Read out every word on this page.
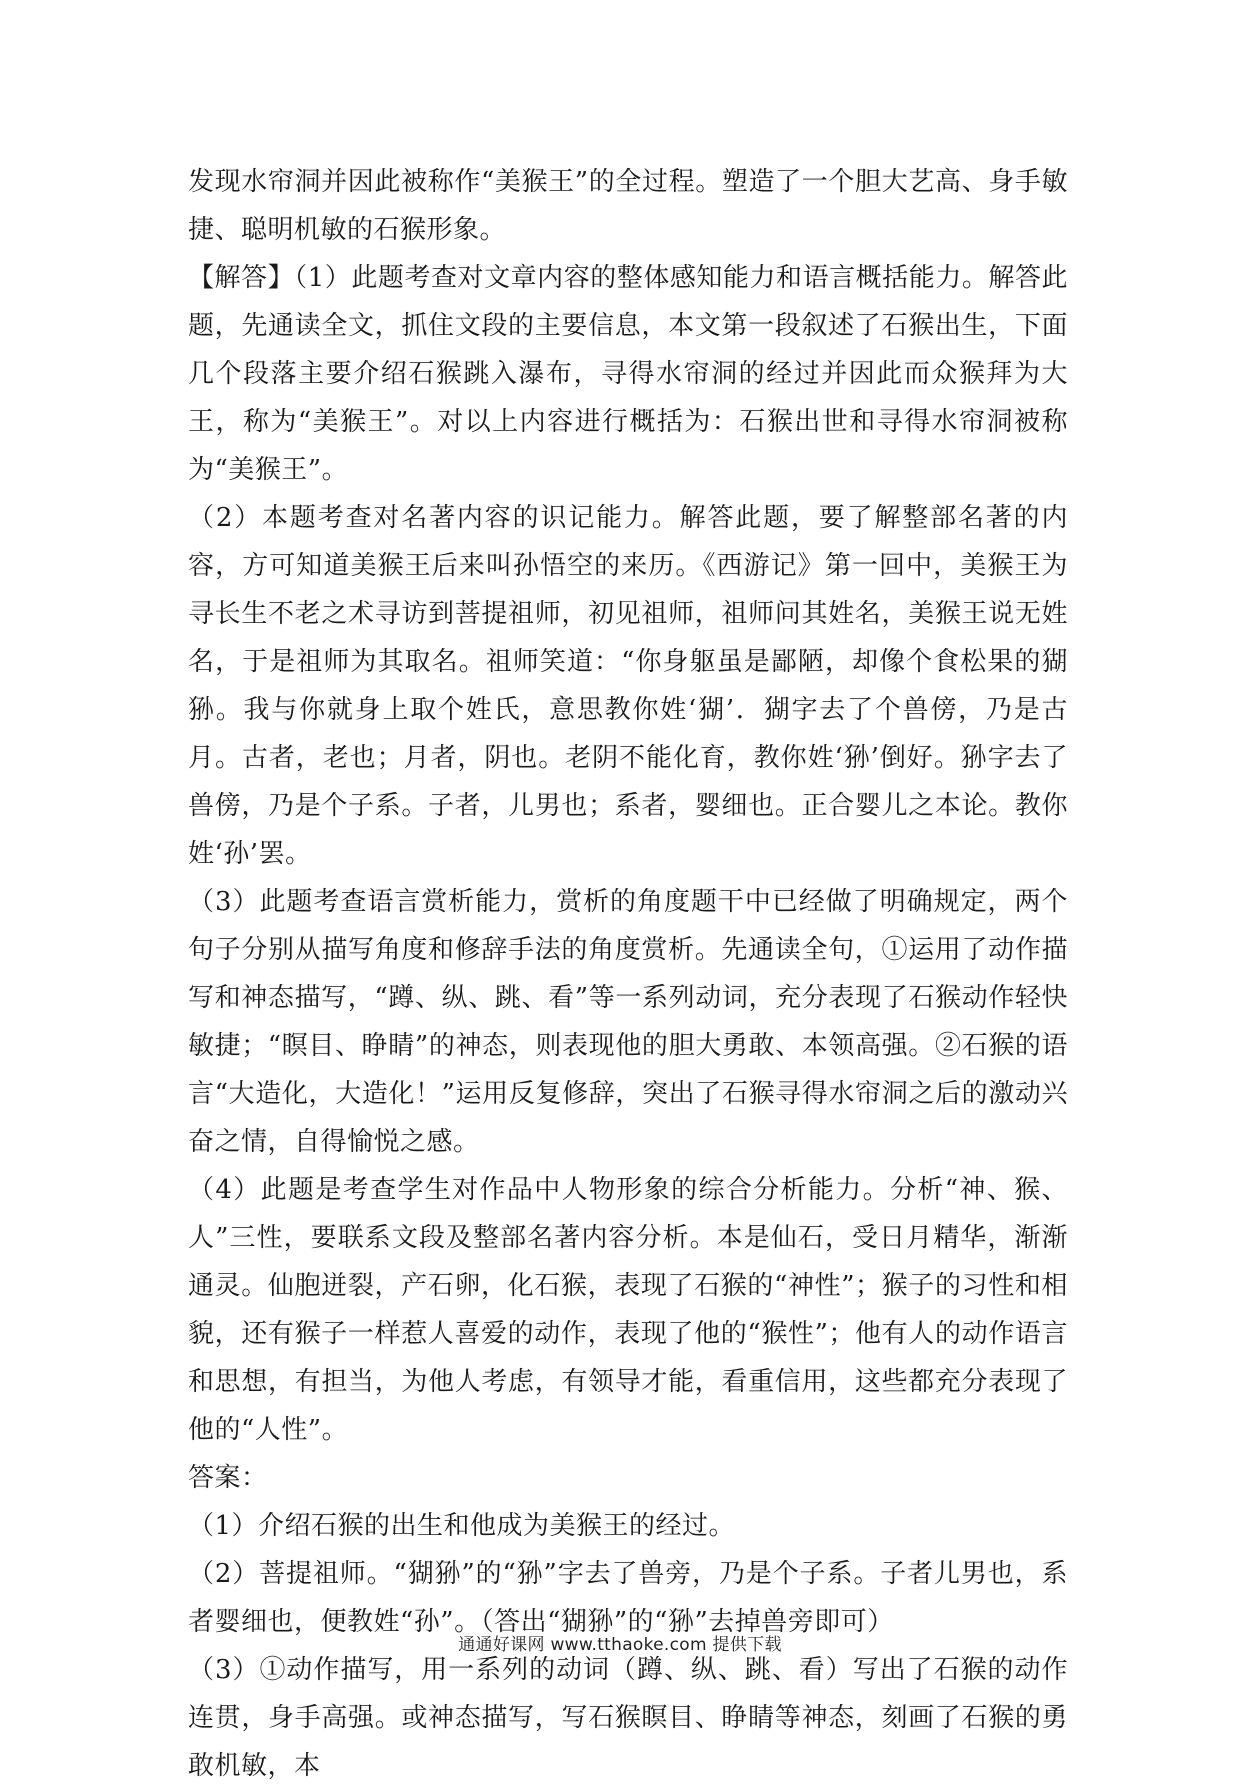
发现水帘洞并因此被称作“美猴王”的全过程。塑造了一个胆大艺高、身手敏捷、聪明机敏的石猴形象。

【解答】（1）此题考查对文章内容的整体感知能力和语言概括能力。解答此题，先通读全文，抓住文段的主要信息，本文第一段叙述了石猴出生，下面几个段落主要介绍石猴跳入瀑布，寻得水帘洞的经过并因此而众猴拜为大王，称为“美猴王”。对以上内容进行概括为：石猴出世和寻得水帘洞被称为“美猴王”。

（2）本题考查对名著内容的识记能力。解答此题，要了解整部名著的内容，方可知道美猴王后来叫孙悟空的来历。《西游记》第一回中，美猴王为寻长生不老之术寻访到菩提祖师，初见祖师，祖师问其姓名，美猴王说无姓名，于是祖师为其取名。祖师笑道：“你身躯虽是鄙陋，却像个食松果的猢狲。我与你就身上取个姓氏，意思教你姓‘猢’．猢字去了个兽傍，乃是古月。古者，老也；月者，阴也。老阴不能化育，教你姓‘狲’倒好。狲字去了兽傍，乃是个子系。子者，儿男也；系者，婴细也。正合婴儿之本论。教你姓‘孙’罢。

（3）此题考查语言赏析能力，赏析的角度题干中已经做了明确规定，两个句子分别从描写角度和修辞手法的角度赏析。先通读全句，①运用了动作描写和神态描写，“蹲、纵、跳、看”等一系列动词，充分表现了石猴动作轻快敏捷；“瞑目、睁睛”的神态，则表现他的胆大勇敢、本领高强。②石猴的语言“大造化，大造化！”运用反复修辞，突出了石猴寻得水帘洞之后的激动兴奋之情，自得愉悦之感。

（4）此题是考查学生对作品中人物形象的综合分析能力。分析“神、猴、人”三性，要联系文段及整部名著内容分析。本是仙石，受日月精华，渐渐通灵。仙胞迸裂，产石卵，化石猴，表现了石猴的“神性”；猴子的习性和相貌，还有猴子一样惹人喜爱的动作，表现了他的“猴性”；他有人的动作语言和思想，有担当，为他人考虑，有领导才能，看重信用，这些都充分表现了他的“人性”。

答案：

（1）介绍石猴的出生和他成为美猴王的经过。

（2）菩提祖师。“猢狲”的“狲”字去了兽旁，乃是个子系。子者儿男也，系者婴细也，便教姓“孙”。（答出“猢狲”的“狲”去掉兽旁即可）

（3）①动作描写，用一系列的动词（蹲、纵、跳、看）写出了石猴的动作连贯，身手高强。或神态描写，写石猴瞑目、睁睛等神态，刻画了石猴的勇敢机敏，本

通通好课网 www.tthaoke.com 提供下载
